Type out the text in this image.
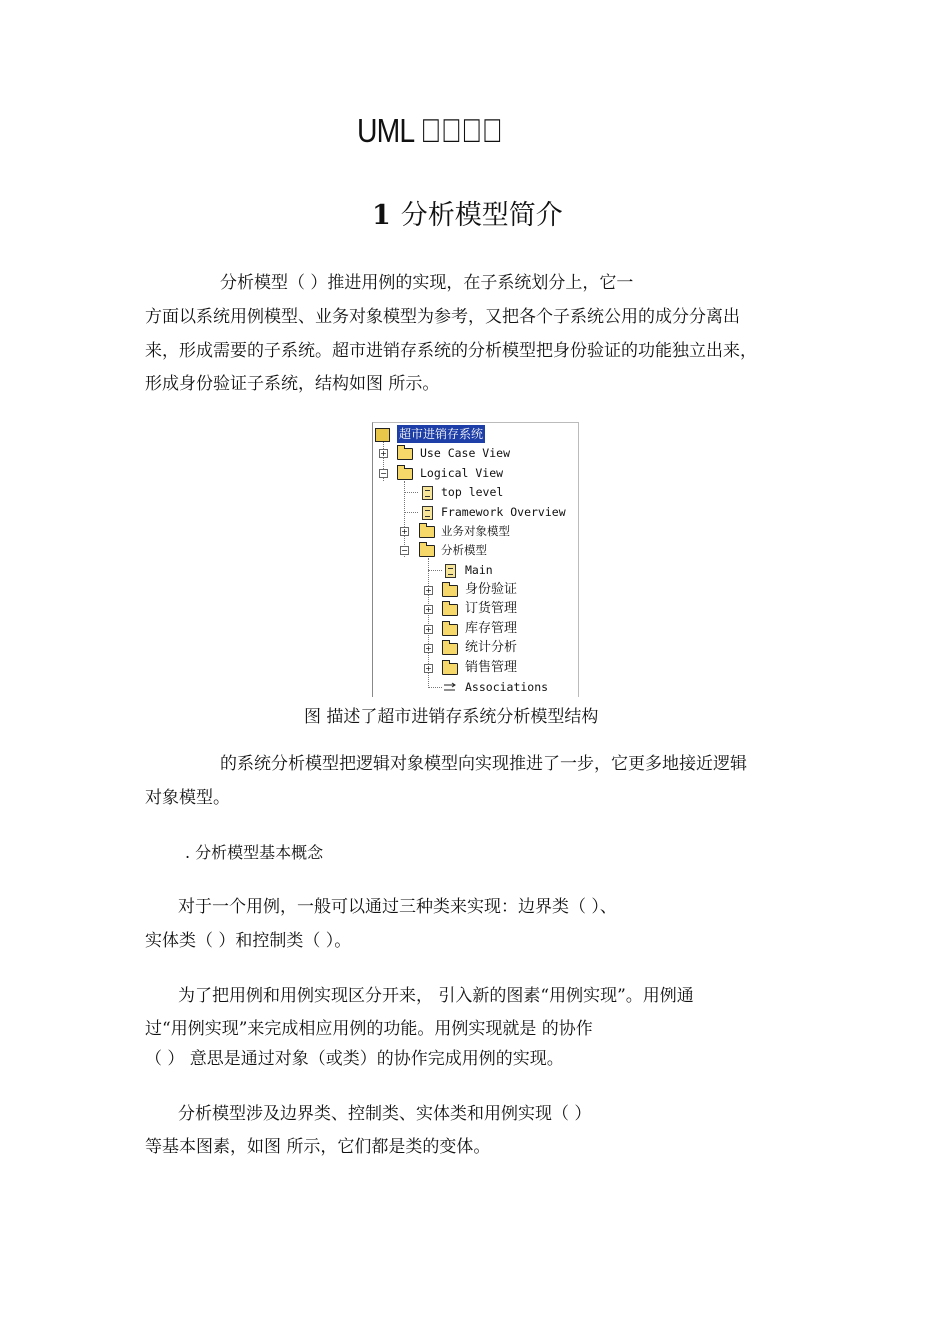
UML 􀀀􀀀􀀀􀀀
1 分析模型简介
分析模型（ ）推进用例的实现，在子系统划分上，它一
方面以系统用例模型、业务对象模型为参考，又把各个子系统公用的成分分离出
来，形成需要的子系统。超市进销存系统的分析模型把身份验证的功能独立出来，
形成身份验证子系统，结构如图 所示。
超市进销存系统
+	Use Case View
−	Logical View
top level
Framework Overview
+	业务对象模型
−	分析模型
Main
+	身份验证
+	订货管理
+	库存管理
+	统计分析
+	销售管理
Associations
图 描述了超市进销存系统分析模型结构
的系统分析模型把逻辑对象模型向实现推进了一步，它更多地接近逻辑
对象模型。
. 分析模型基本概念
对于一个用例，一般可以通过三种类来实现：边界类（ ）、
实体类（ ）和控制类（ ）。
为了把用例和用例实现区分开来， 引入新的图素“用例实现”。用例通
过“用例实现”来完成相应用例的功能。用例实现就是 的协作
（ ） 意思是通过对象（或类）的协作完成用例的实现。
分析模型涉及边界类、控制类、实体类和用例实现（ ）
等基本图素，如图 所示，它们都是类的变体。
